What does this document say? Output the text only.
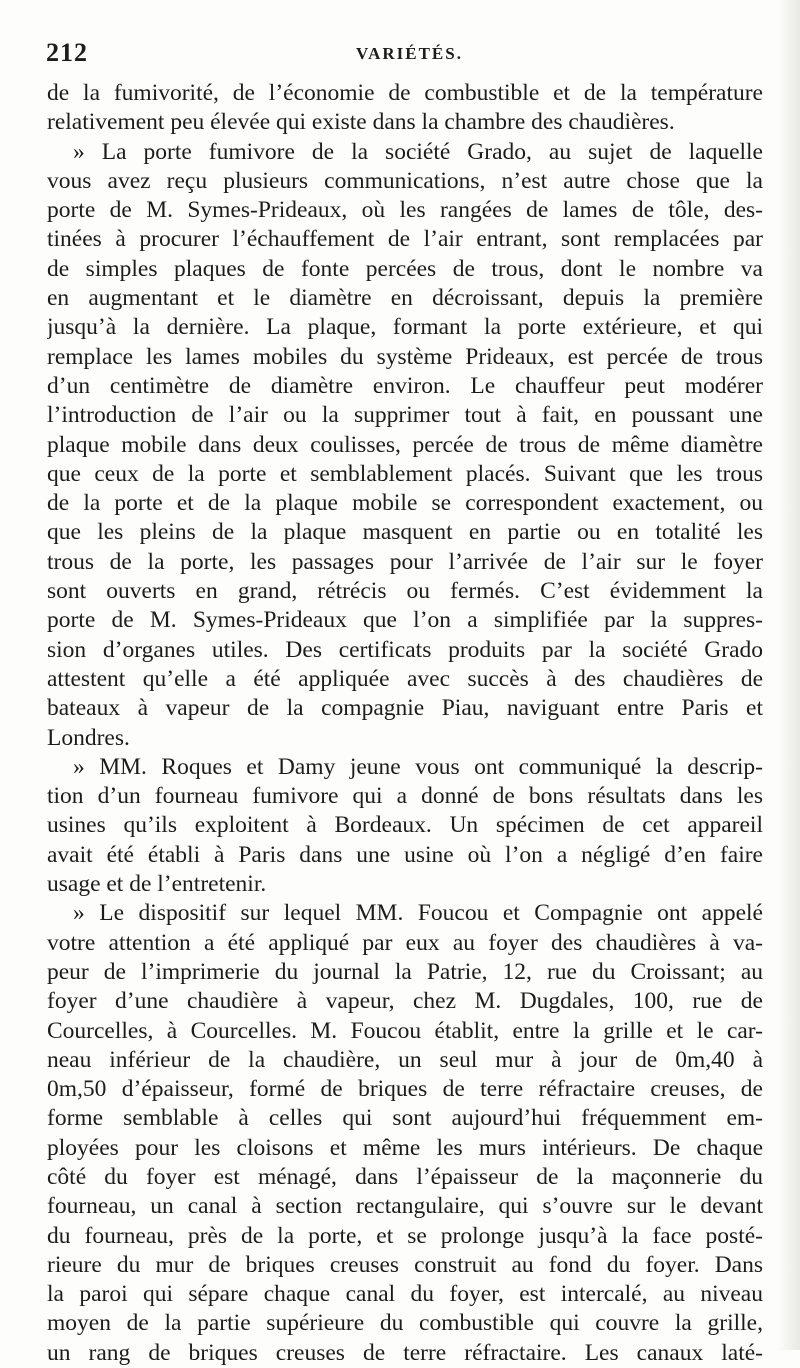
212	VARIÉTÉS.
de la fumivorité, de l’économie de combustible et de la température
relativement peu élevée qui existe dans la chambre des chaudières.
» La porte fumivore de la société Grado, au sujet de laquelle
vous avez reçu plusieurs communications, n’est autre chose que la
porte de M. Symes-Prideaux, où les rangées de lames de tôle, des-
tinées à procurer l’échauffement de l’air entrant, sont remplacées par
de simples plaques de fonte percées de trous, dont le nombre va
en augmentant et le diamètre en décroissant, depuis la première
jusqu’à la dernière. La plaque, formant la porte extérieure, et qui
remplace les lames mobiles du système Prideaux, est percée de trous
d’un centimètre de diamètre environ. Le chauffeur peut modérer
l’introduction de l’air ou la supprimer tout à fait, en poussant une
plaque mobile dans deux coulisses, percée de trous de même diamètre
que ceux de la porte et semblablement placés. Suivant que les trous
de la porte et de la plaque mobile se correspondent exactement, ou
que les pleins de la plaque masquent en partie ou en totalité les
trous de la porte, les passages pour l’arrivée de l’air sur le foyer
sont ouverts en grand, rétrécis ou fermés. C’est évidemment la
porte de M. Symes-Prideaux que l’on a simplifiée par la suppres-
sion d’organes utiles. Des certificats produits par la société Grado
attestent qu’elle a été appliquée avec succès à des chaudières de
bateaux à vapeur de la compagnie Piau, naviguant entre Paris et
Londres.
» MM. Roques et Damy jeune vous ont communiqué la descrip-
tion d’un fourneau fumivore qui a donné de bons résultats dans les
usines qu’ils exploitent à Bordeaux. Un spécimen de cet appareil
avait été établi à Paris dans une usine où l’on a négligé d’en faire
usage et de l’entretenir.
» Le dispositif sur lequel MM. Foucou et Compagnie ont appelé
votre attention a été appliqué par eux au foyer des chaudières à va-
peur de l’imprimerie du journal la Patrie, 12, rue du Croissant; au
foyer d’une chaudière à vapeur, chez M. Dugdales, 100, rue de
Courcelles, à Courcelles. M. Foucou établit, entre la grille et le car-
neau inférieur de la chaudière, un seul mur à jour de 0m,40 à
0m,50 d’épaisseur, formé de briques de terre réfractaire creuses, de
forme semblable à celles qui sont aujourd’hui fréquemment em-
ployées pour les cloisons et même les murs intérieurs. De chaque
côté du foyer est ménagé, dans l’épaisseur de la maçonnerie du
fourneau, un canal à section rectangulaire, qui s’ouvre sur le devant
du fourneau, près de la porte, et se prolonge jusqu’à la face posté-
rieure du mur de briques creuses construit au fond du foyer. Dans
la paroi qui sépare chaque canal du foyer, est intercalé, au niveau
moyen de la partie supérieure du combustible qui couvre la grille,
un rang de briques creuses de terre réfractaire. Les canaux laté-
